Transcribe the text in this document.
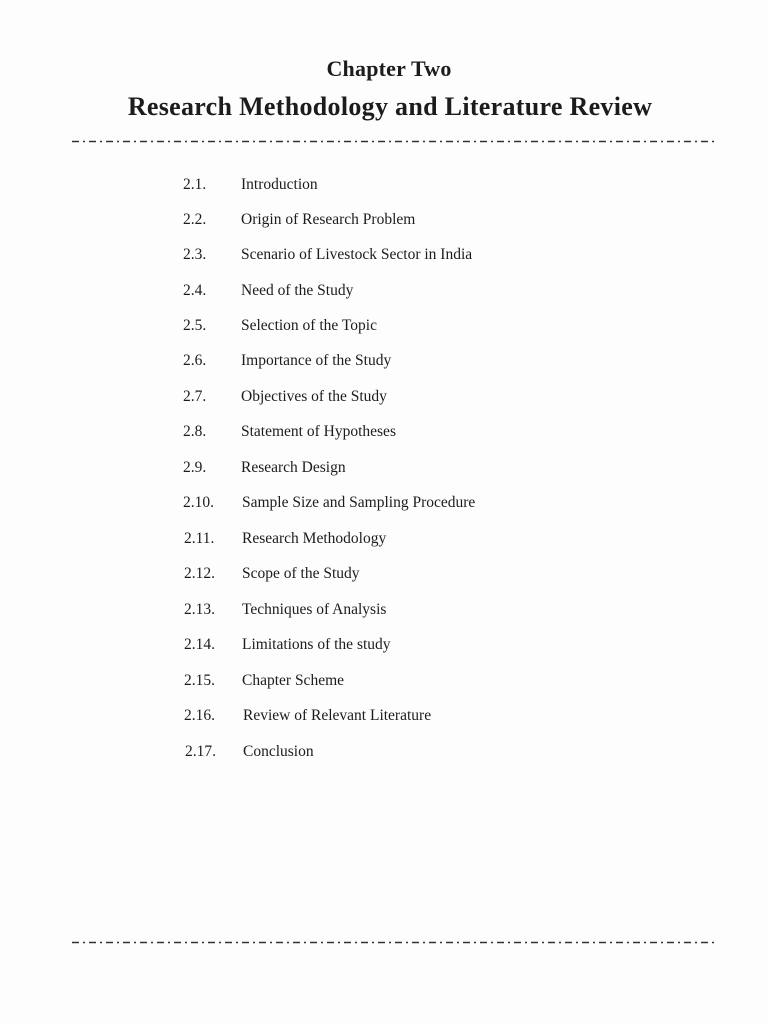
Chapter Two
Research Methodology and Literature Review
2.1. Introduction
2.2. Origin of Research Problem
2.3. Scenario of Livestock Sector in India
2.4. Need of the Study
2.5. Selection of the Topic
2.6. Importance of the Study
2.7. Objectives of the Study
2.8. Statement of Hypotheses
2.9. Research Design
2.10. Sample Size and Sampling Procedure
2.11. Research Methodology
2.12. Scope of the Study
2.13. Techniques of Analysis
2.14. Limitations of the study
2.15. Chapter Scheme
2.16. Review of Relevant Literature
2.17. Conclusion
